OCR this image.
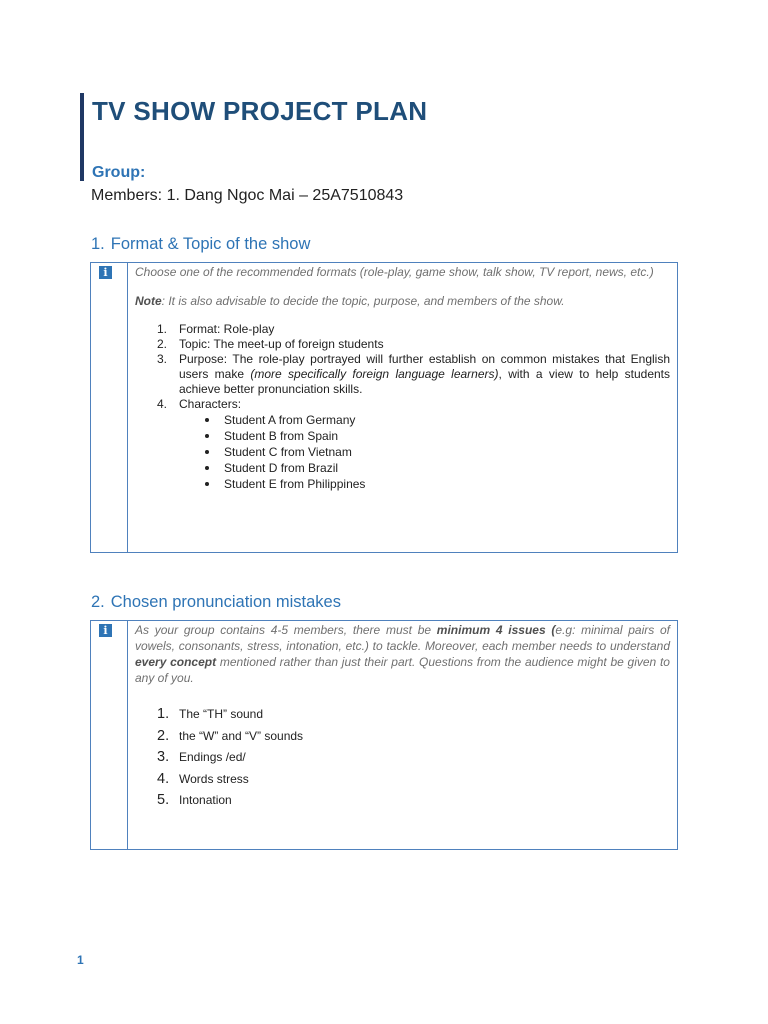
TV SHOW PROJECT PLAN
Group:
Members: 1. Dang Ngoc Mai – 25A7510843
1. Format & Topic of the show
i	Choose one of the recommended formats (role-play, game show, talk show, TV report, news, etc.)

Note: It is also advisable to decide the topic, purpose, and members of the show.

1. Format: Role-play
2. Topic: The meet-up of foreign students
3. Purpose: The role-play portrayed will further establish on common mistakes that English users make (more specifically foreign language learners), with a view to help students achieve better pronunciation skills.
4. Characters:
Student A from Germany
Student B from Spain
Student C from Vietnam
Student D from Brazil
Student E from Philippines
2. Chosen pronunciation mistakes
i	As your group contains 4-5 members, there must be minimum 4 issues (e.g: minimal pairs of vowels, consonants, stress, intonation, etc.) to tackle. Moreover, each member needs to understand every concept mentioned rather than just their part. Questions from the audience might be given to any of you.

1. The “TH” sound
2. the “W” and “V” sounds
3. Endings /ed/
4. Words stress
5. Intonation
1
